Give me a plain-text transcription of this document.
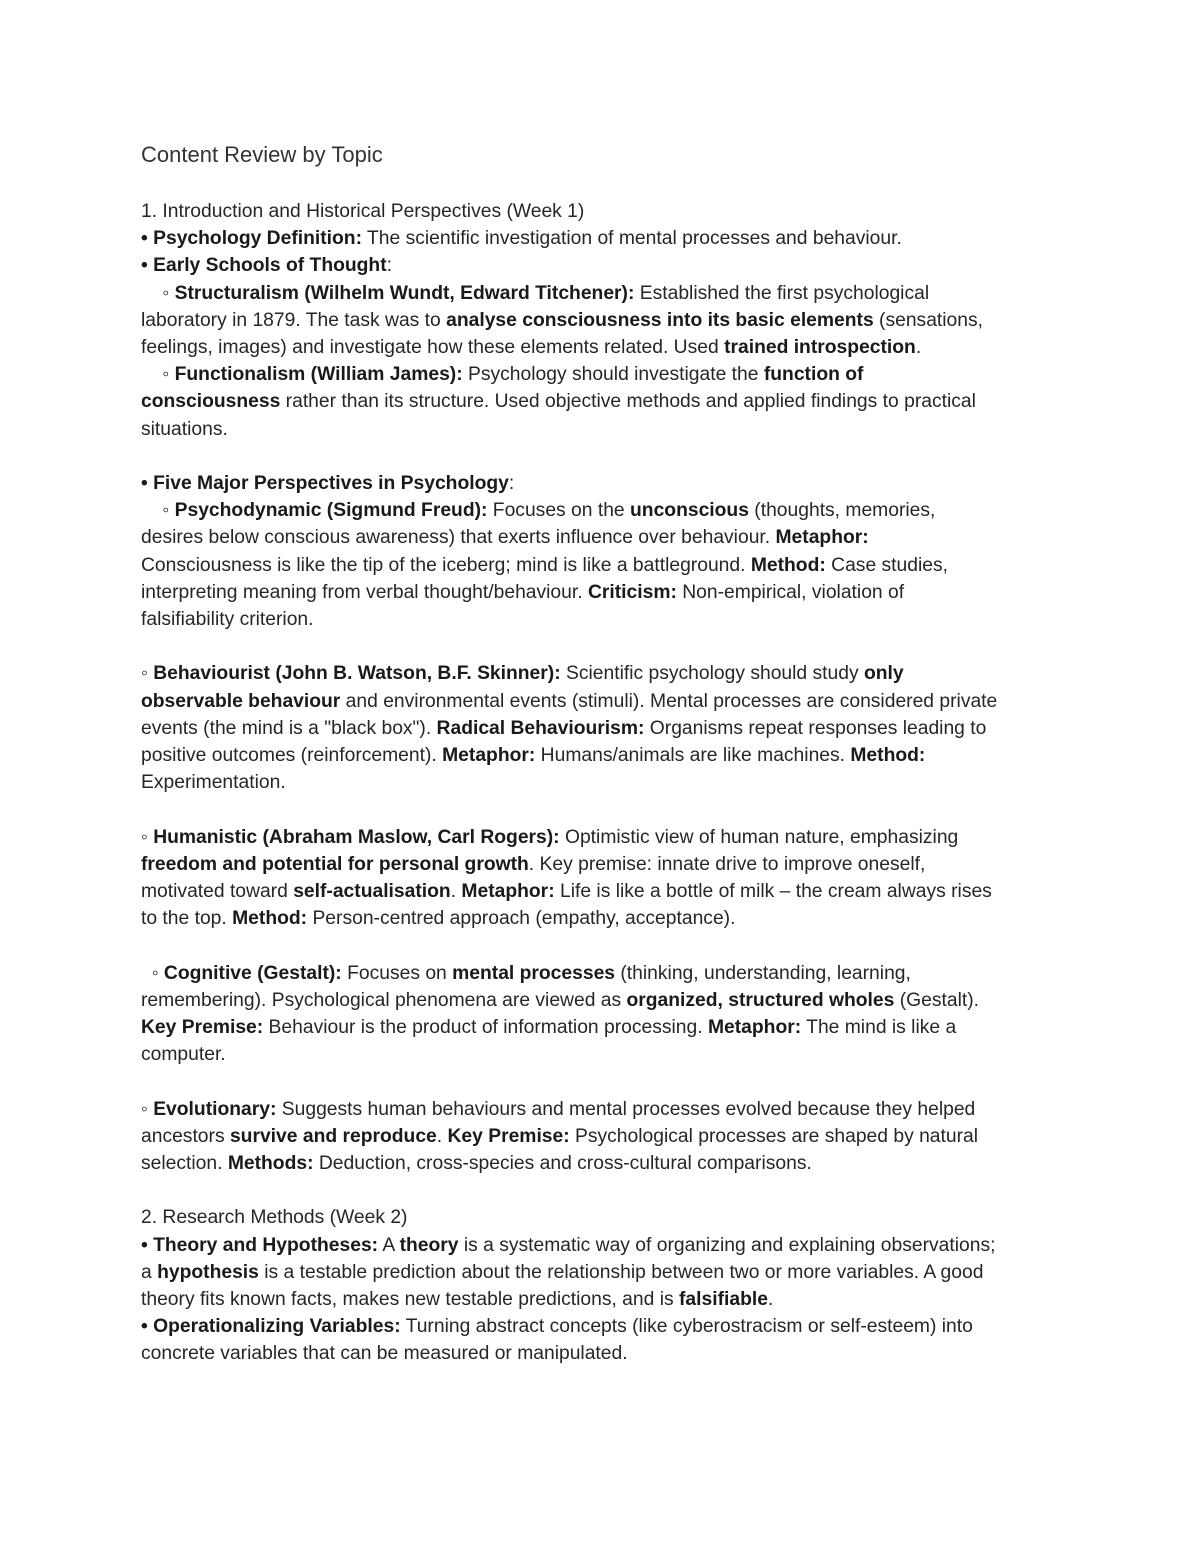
Content Review by Topic
1. Introduction and Historical Perspectives (Week 1)
• Psychology Definition: The scientific investigation of mental processes and behaviour.
• Early Schools of Thought:
◦ Structuralism (Wilhelm Wundt, Edward Titchener): Established the first psychological
laboratory in 1879. The task was to analyse consciousness into its basic elements (sensations,
feelings, images) and investigate how these elements related. Used trained introspection.
◦ Functionalism (William James): Psychology should investigate the function of
consciousness rather than its structure. Used objective methods and applied findings to practical
situations.
• Five Major Perspectives in Psychology:
◦ Psychodynamic (Sigmund Freud): Focuses on the unconscious (thoughts, memories,
desires below conscious awareness) that exerts influence over behaviour. Metaphor:
Consciousness is like the tip of the iceberg; mind is like a battleground. Method: Case studies,
interpreting meaning from verbal thought/behaviour. Criticism: Non-empirical, violation of
falsifiability criterion.
◦ Behaviourist (John B. Watson, B.F. Skinner): Scientific psychology should study only
observable behaviour and environmental events (stimuli). Mental processes are considered private
events (the mind is a "black box"). Radical Behaviourism: Organisms repeat responses leading to
positive outcomes (reinforcement). Metaphor: Humans/animals are like machines. Method:
Experimentation.
◦ Humanistic (Abraham Maslow, Carl Rogers): Optimistic view of human nature, emphasizing
freedom and potential for personal growth. Key premise: innate drive to improve oneself,
motivated toward self-actualisation. Metaphor: Life is like a bottle of milk – the cream always rises
to the top. Method: Person-centred approach (empathy, acceptance).
◦ Cognitive (Gestalt): Focuses on mental processes (thinking, understanding, learning,
remembering). Psychological phenomena are viewed as organized, structured wholes (Gestalt).
Key Premise: Behaviour is the product of information processing. Metaphor: The mind is like a
computer.
◦ Evolutionary: Suggests human behaviours and mental processes evolved because they helped
ancestors survive and reproduce. Key Premise: Psychological processes are shaped by natural
selection. Methods: Deduction, cross-species and cross-cultural comparisons.
2. Research Methods (Week 2)
• Theory and Hypotheses: A theory is a systematic way of organizing and explaining observations;
a hypothesis is a testable prediction about the relationship between two or more variables. A good
theory fits known facts, makes new testable predictions, and is falsifiable.
• Operationalizing Variables: Turning abstract concepts (like cyberostracism or self-esteem) into
concrete variables that can be measured or manipulated.
